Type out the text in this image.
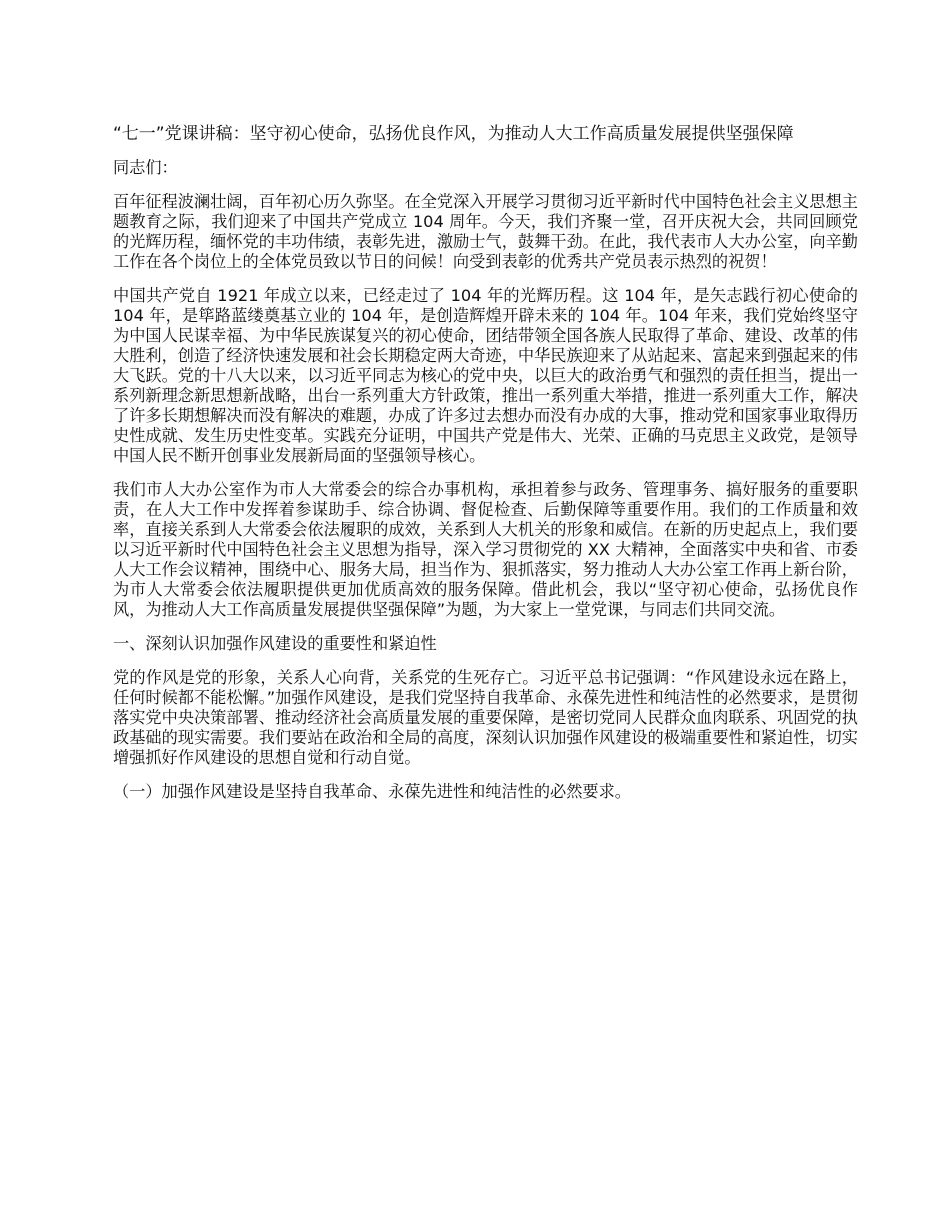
“七一”党课讲稿：坚守初心使命，弘扬优良作风，为推动人大工作高质量发展提供坚强保障

同志们：

百年征程波澜壮阔，百年初心历久弥坚。在全党深入开展学习贯彻习近平新时代中国特色社会主义思想主题教育之际，我们迎来了中国共产党成立 104 周年。今天，我们齐聚一堂，召开庆祝大会，共同回顾党的光辉历程，缅怀党的丰功伟绩，表彰先进，激励士气，鼓舞干劲。在此，我代表市人大办公室，向辛勤工作在各个岗位上的全体党员致以节日的问候！向受到表彰的优秀共产党员表示热烈的祝贺！

中国共产党自 1921 年成立以来，已经走过了 104 年的光辉历程。这 104 年，是矢志践行初心使命的 104 年，是筚路蓝缕奠基立业的 104 年，是创造辉煌开辟未来的 104 年。104 年来，我们党始终坚守为中国人民谋幸福、为中华民族谋复兴的初心使命，团结带领全国各族人民取得了革命、建设、改革的伟大胜利，创造了经济快速发展和社会长期稳定两大奇迹，中华民族迎来了从站起来、富起来到强起来的伟大飞跃。党的十八大以来，以习近平同志为核心的党中央，以巨大的政治勇气和强烈的责任担当，提出一系列新理念新思想新战略，出台一系列重大方针政策，推出一系列重大举措，推进一系列重大工作，解决了许多长期想解决而没有解决的难题，办成了许多过去想办而没有办成的大事，推动党和国家事业取得历史性成就、发生历史性变革。实践充分证明，中国共产党是伟大、光荣、正确的马克思主义政党，是领导中国人民不断开创事业发展新局面的坚强领导核心。

我们市人大办公室作为市人大常委会的综合办事机构，承担着参与政务、管理事务、搞好服务的重要职责，在人大工作中发挥着参谋助手、综合协调、督促检查、后勤保障等重要作用。我们的工作质量和效率，直接关系到人大常委会依法履职的成效，关系到人大机关的形象和威信。在新的历史起点上，我们要以习近平新时代中国特色社会主义思想为指导，深入学习贯彻党的 XX 大精神，全面落实中央和省、市委人大工作会议精神，围绕中心、服务大局，担当作为、狠抓落实，努力推动人大办公室工作再上新台阶，为市人大常委会依法履职提供更加优质高效的服务保障。借此机会，我以“坚守初心使命，弘扬优良作风，为推动人大工作高质量发展提供坚强保障”为题，为大家上一堂党课，与同志们共同交流。

一、深刻认识加强作风建设的重要性和紧迫性

党的作风是党的形象，关系人心向背，关系党的生死存亡。习近平总书记强调：“作风建设永远在路上，任何时候都不能松懈。”加强作风建设，是我们党坚持自我革命、永葆先进性和纯洁性的必然要求，是贯彻落实党中央决策部署、推动经济社会高质量发展的重要保障，是密切党同人民群众血肉联系、巩固党的执政基础的现实需要。我们要站在政治和全局的高度，深刻认识加强作风建设的极端重要性和紧迫性，切实增强抓好作风建设的思想自觉和行动自觉。

（一）加强作风建设是坚持自我革命、永葆先进性和纯洁性的必然要求。
